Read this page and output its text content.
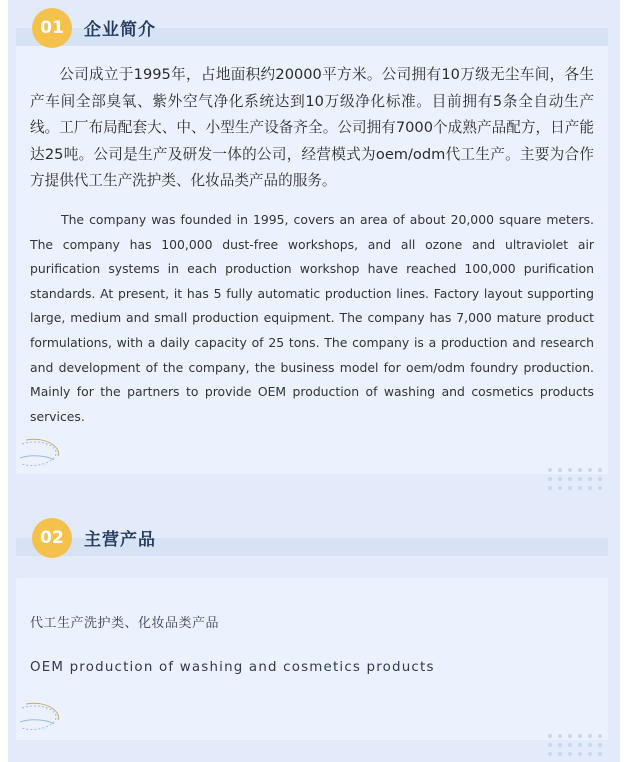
01	企业简介

公司成立于1995年，占地面积约20000平方米。公司拥有10万级无尘车间，各生产车间全部臭氧、紫外空气净化系统达到10万级净化标准。目前拥有5条全自动生产线。工厂布局配套大、中、小型生产设备齐全。公司拥有7000个成熟产品配方，日产能达25吨。公司是生产及研发一体的公司，经营模式为oem/odm代工生产。主要为合作方提供代工生产洗护类、化妆品类产品的服务。

The company was founded in 1995, covers an area of about 20,000 square meters. The company has 100,000 dust-free workshops, and all ozone and ultraviolet air purification systems in each production workshop have reached 100,000 purification standards. At present, it has 5 fully automatic production lines. Factory layout supporting large, medium and small production equipment. The company has 7,000 mature product formulations, with a daily capacity of 25 tons. The company is a production and research and development of the company, the business model for oem/odm foundry production. Mainly for the partners to provide OEM production of washing and cosmetics products services.

02	主营产品

代工生产洗护类、化妆品类产品

OEM production of washing and cosmetics products
